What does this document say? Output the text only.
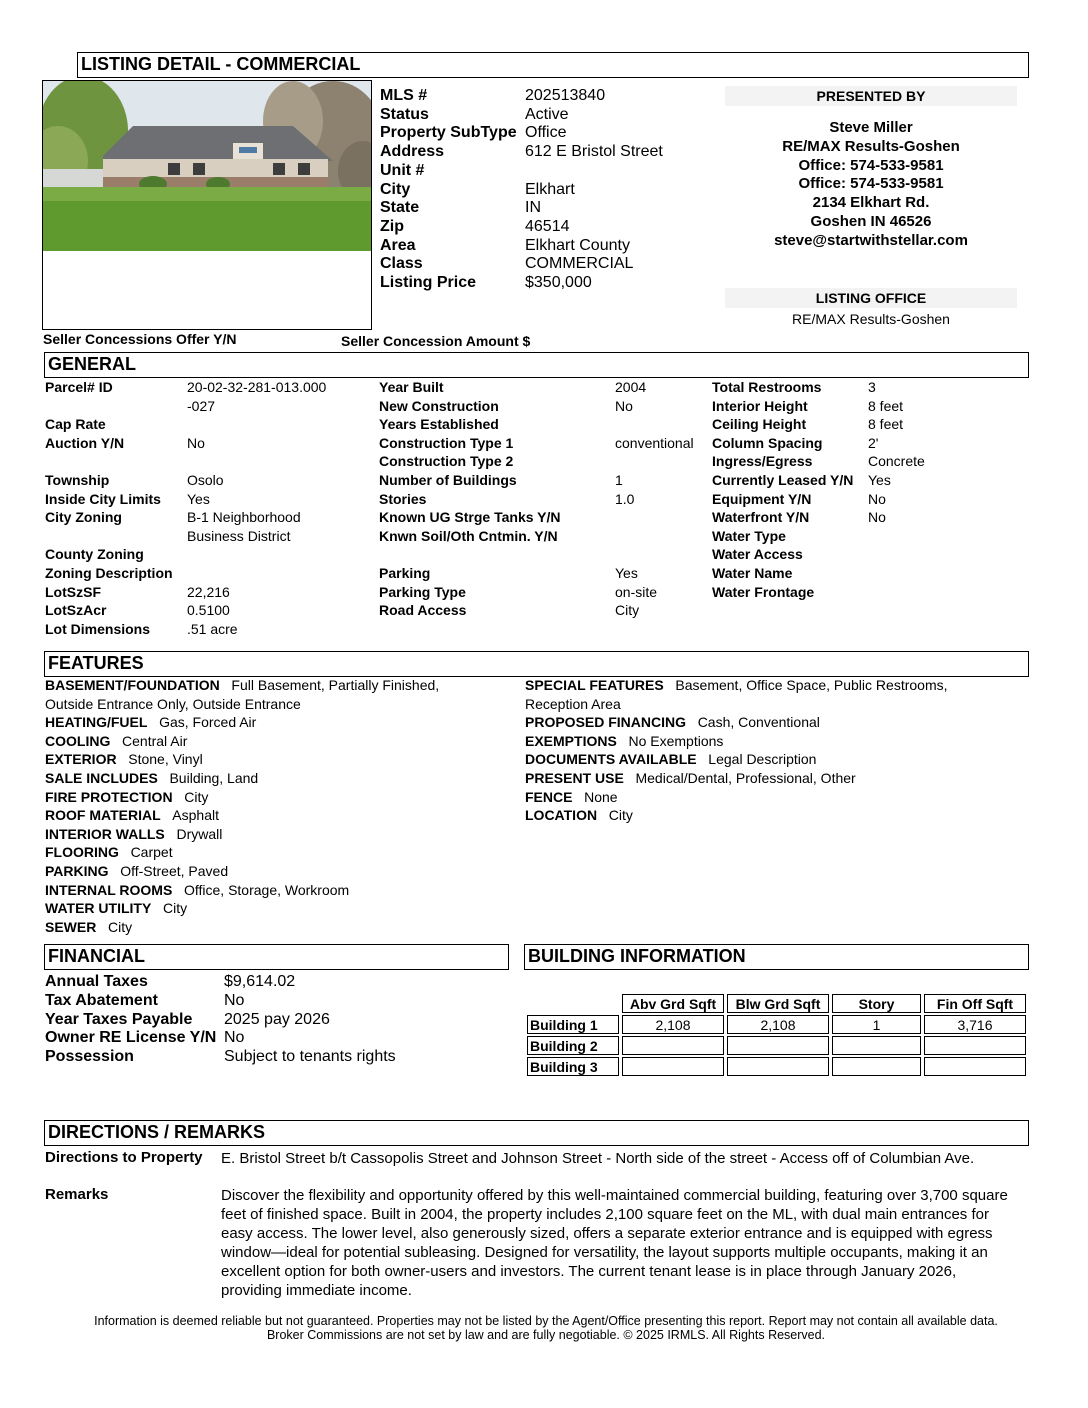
LISTING DETAIL - COMMERCIAL
MLS #	202513840
Status	Active
Property SubType Office
Address	612 E Bristol Street
Unit #
City	Elkhart
State	IN
Zip	46514
Area	Elkhart County
Class	COMMERCIAL
Listing Price	$350,000
PRESENTED BY
Steve Miller
RE/MAX Results-Goshen
Office: 574-533-9581
Office: 574-533-9581
2134 Elkhart Rd.
Goshen IN 46526
steve@startwithstellar.com
LISTING OFFICE
RE/MAX Results-Goshen
Seller Concessions Offer Y/N	Seller Concession Amount $
GENERAL
Parcel# ID	20-02-32-281-013.000
-027
Cap Rate
Auction Y/N	No
Township	Osolo
Inside City Limits Yes
City Zoning	B-1 Neighborhood
Business District
County Zoning
Zoning Description
LotSzSF	22,216
LotSzAcr	0.5100
Lot Dimensions	.51 acre
Year Built	2004
New Construction	No
Years Established
Construction Type 1	conventional
Construction Type 2
Number of Buildings	1
Stories	1.0
Known UG Strge Tanks Y/N
Knwn Soil/Oth Cntmin. Y/N
Parking	Yes
Parking Type	on-site
Road Access	City
Total Restrooms	3
Interior Height	8 feet
Ceiling Height	8 feet
Column Spacing	2'
Ingress/Egress	Concrete
Currently Leased Y/N Yes
Equipment Y/N	No
Waterfront Y/N	No
Water Type
Water Access
Water Name
Water Frontage
FEATURES
BASEMENT/FOUNDATION Full Basement, Partially Finished,
Outside Entrance Only, Outside Entrance
HEATING/FUEL Gas, Forced Air
COOLING Central Air
EXTERIOR Stone, Vinyl
SALE INCLUDES Building, Land
FIRE PROTECTION City
ROOF MATERIAL Asphalt
INTERIOR WALLS Drywall
FLOORING Carpet
PARKING Off-Street, Paved
INTERNAL ROOMS Office, Storage, Workroom
WATER UTILITY City
SEWER City
SPECIAL FEATURES Basement, Office Space, Public Restrooms,
Reception Area
PROPOSED FINANCING Cash, Conventional
EXEMPTIONS No Exemptions
DOCUMENTS AVAILABLE Legal Description
PRESENT USE Medical/Dental, Professional, Other
FENCE None
LOCATION City
FINANCIAL
Annual Taxes	$9,614.02
Tax Abatement	No
Year Taxes Payable 2025 pay 2026
Owner RE License Y/N No
Possession	Subject to tenants rights
BUILDING INFORMATION
	Abv Grd Sqft	Blw Grd Sqft	Story	Fin Off Sqft
Building 1	2,108	2,108	1	3,716
Building 2				
Building 3				
DIRECTIONS / REMARKS
Directions to Property E. Bristol Street b/t Cassopolis Street and Johnson Street - North side of the street - Access off of Columbian Ave.
Remarks	Discover the flexibility and opportunity offered by this well-maintained commercial building, featuring over 3,700 square feet of finished space. Built in 2004, the property includes 2,100 square feet on the ML, with dual main entrances for easy access. The lower level, also generously sized, offers a separate exterior entrance and is equipped with egress window—ideal for potential subleasing. Designed for versatility, the layout supports multiple occupants, making it an excellent option for both owner-users and investors. The current tenant lease is in place through January 2026, providing immediate income.
Information is deemed reliable but not guaranteed. Properties may not be listed by the Agent/Office presenting this report. Report may not contain all available data.
Broker Commissions are not set by law and are fully negotiable. © 2025 IRMLS. All Rights Reserved.
